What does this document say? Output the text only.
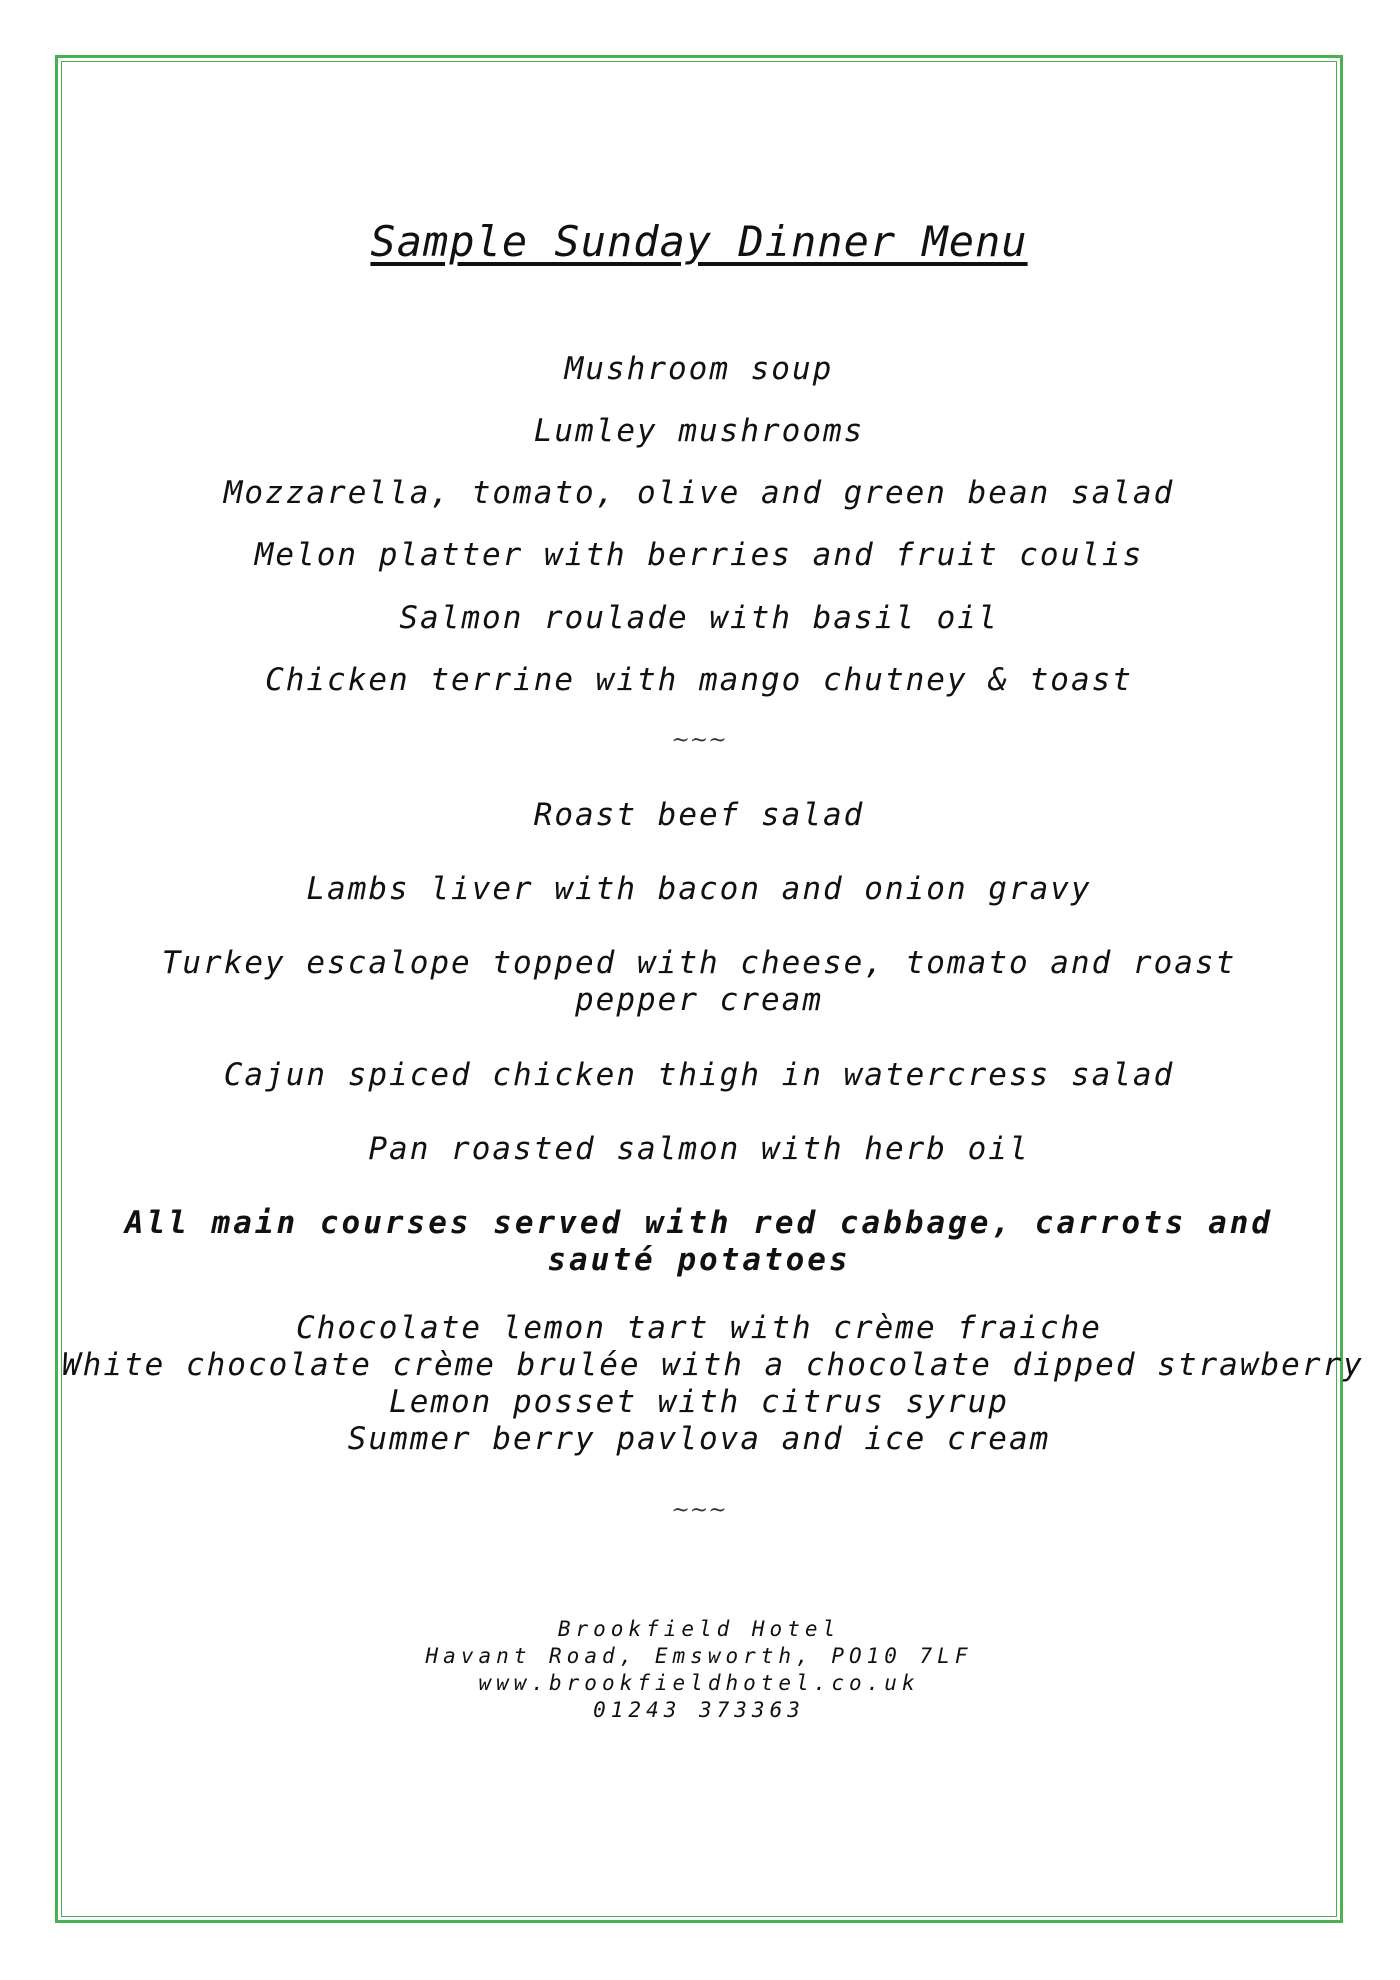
Sample Sunday Dinner Menu
Mushroom soup
Lumley mushrooms
Mozzarella, tomato, olive and green bean salad
Melon platter with berries and fruit coulis
Salmon roulade with basil oil
Chicken terrine with mango chutney & toast
~~~
Roast beef salad
Lambs liver with bacon and onion gravy
Turkey escalope topped with cheese, tomato and roast pepper cream
Cajun spiced chicken thigh in watercress salad
Pan roasted salmon with herb oil
All main courses served with red cabbage, carrots and sauté potatoes
Chocolate lemon tart with crème fraiche
White chocolate crème brulée with a chocolate dipped strawberry
Lemon posset with citrus syrup
Summer berry pavlova and ice cream
~~~
Brookfield Hotel
Havant Road, Emsworth, PO10 7LF
www.brookfieldhotel.co.uk
01243 373363
